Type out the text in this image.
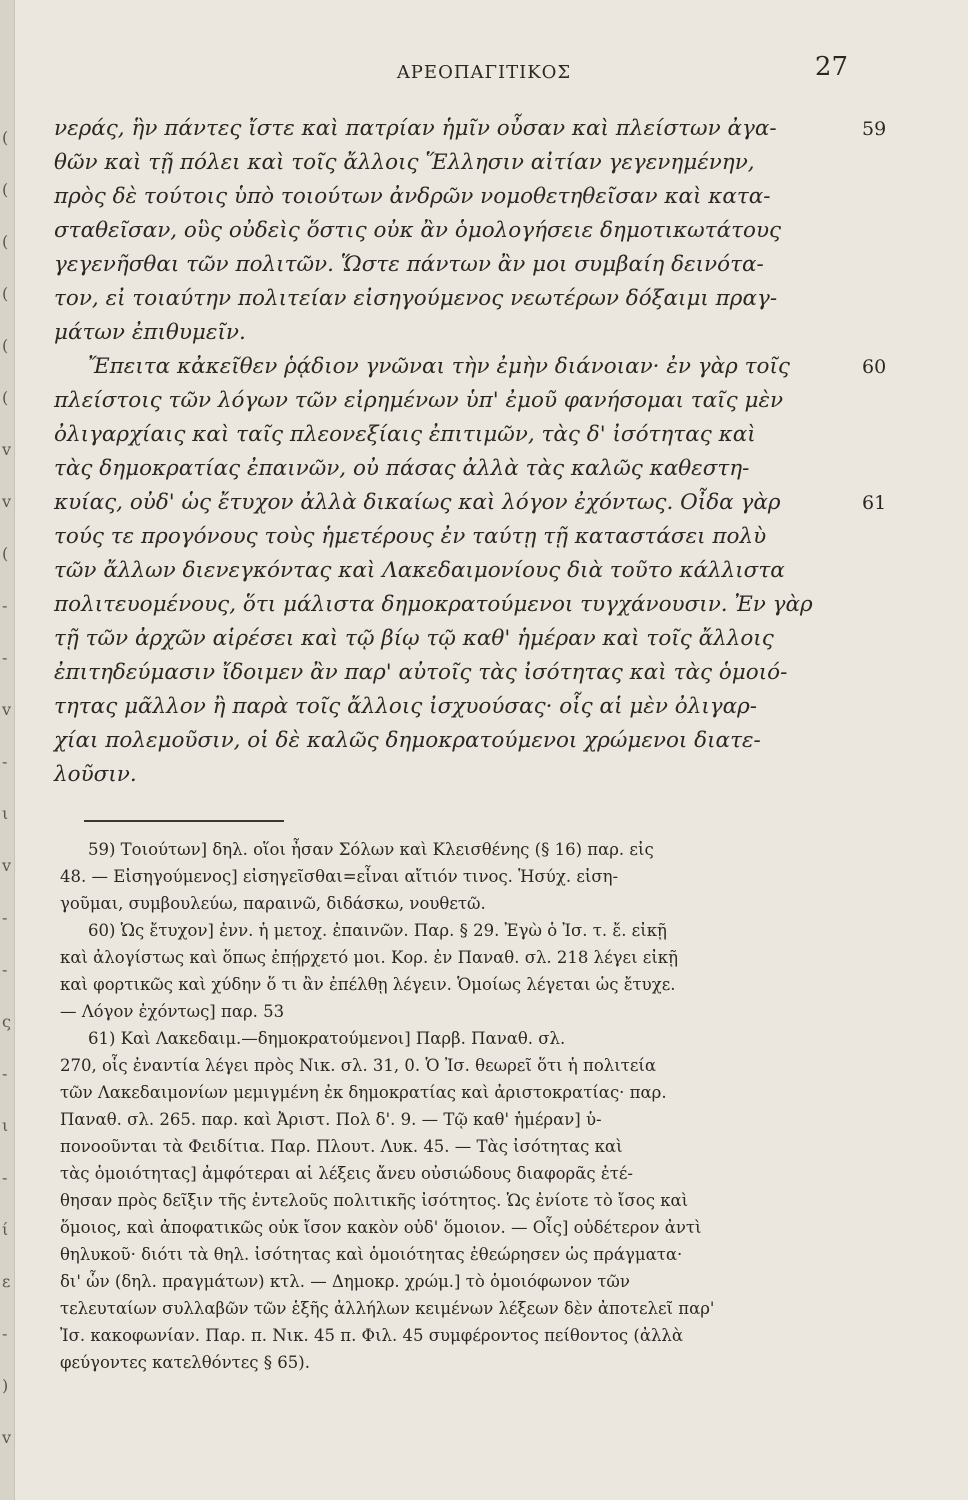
(
(
(
(
(
(
v
v
(
-
-
v
-
ι
v
-
-
ς
-
ι
-
ί
ε
-
)
v
ΑΡΕΟΠΑΓΙΤΙΚΟΣ	27
νεράς, ἣν πάντες ἴστε καὶ πατρίαν ἡμῖν οὖσαν καὶ πλείστων ἀγα-	59
θῶν καὶ τῇ πόλει καὶ τοῖς ἄλλοις Ἕλλησιν αἰτίαν γεγενημένην,
πρὸς δὲ τούτοις ὑπὸ τοιούτων ἀνδρῶν νομοθετηθεῖσαν καὶ κατα-
σταθεῖσαν, οὓς οὐδεὶς ὅστις οὐκ ἂν ὁμολογήσειε δημοτικωτάτους
γεγενῆσθαι τῶν πολιτῶν. Ὥστε πάντων ἂν μοι συμβαίη δεινότα-
τον, εἰ τοιαύτην πολιτείαν εἰσηγούμενος νεωτέρων δόξαιμι πραγ-
μάτων ἐπιθυμεῖν.
Ἔπειτα κἀκεῖθεν ῥᾴδιον γνῶναι τὴν ἐμὴν διάνοιαν· ἐν γὰρ τοῖς	60
πλείστοις τῶν λόγων τῶν εἰρημένων ὑπ' ἐμοῦ φανήσομαι ταῖς μὲν
ὀλιγαρχίαις καὶ ταῖς πλεονεξίαις ἐπιτιμῶν, τὰς δ' ἰσότητας καὶ
τὰς δημοκρατίας ἐπαινῶν, οὐ πάσας ἀλλὰ τὰς καλῶς καθεστη-
κυίας, οὐδ' ὡς ἔτυχον ἀλλὰ δικαίως καὶ λόγον ἐχόντως. Οἶδα γὰρ	61
τούς τε προγόνους τοὺς ἡμετέρους ἐν ταύτῃ τῇ καταστάσει πολὺ
τῶν ἄλλων διενεγκόντας καὶ Λακεδαιμονίους διὰ τοῦτο κάλλιστα
πολιτευομένους, ὅτι μάλιστα δημοκρατούμενοι τυγχάνουσιν. Ἐν γὰρ
τῇ τῶν ἀρχῶν αἱρέσει καὶ τῷ βίῳ τῷ καθ' ἡμέραν καὶ τοῖς ἄλλοις
ἐπιτηδεύμασιν ἴδοιμεν ἂν παρ' αὐτοῖς τὰς ἰσότητας καὶ τὰς ὁμοιό-
τητας μᾶλλον ἢ παρὰ τοῖς ἄλλοις ἰσχυούσας· οἷς αἱ μὲν ὀλιγαρ-
χίαι πολεμοῦσιν, οἱ δὲ καλῶς δημοκρατούμενοι χρώμενοι διατε-
λοῦσιν.
59) Τοιούτων] δηλ. οἵοι ἦσαν Σόλων καὶ Κλεισθένης (§ 16) παρ. εἰς
48. — Εἰσηγούμενος] εἰσηγεῖσθαι=εἶναι αἴτιόν τινος. Ἡσύχ. εἰση-
γοῦμαι, συμβουλεύω, παραινῶ, διδάσκω, νουθετῶ.
60) Ὡς ἔτυχον] ἐνν. ἡ μετοχ. ἐπαινῶν. Παρ. § 29. Ἐγὼ ὁ Ἰσ. τ. ἔ. εἰκῇ
καὶ ἀλογίστως καὶ ὅπως ἐπῄρχετό μοι. Κορ. ἐν Παναθ. σλ. 218 λέγει εἰκῇ
καὶ φορτικῶς καὶ χύδην ὅ τι ἂν ἐπέλθῃ λέγειν. Ὁμοίως λέγεται ὡς ἔτυχε.
— Λόγον ἐχόντως] παρ. 53
61) Καὶ Λακεδαιμ.—δημοκρατούμενοι] Παρβ. Παναθ. σλ.
270, οἷς ἐναντία λέγει πρὸς Νικ. σλ. 31, 0. Ὁ Ἰσ. θεωρεῖ ὅτι ἡ πολιτεία
τῶν Λακεδαιμονίων μεμιγμένη ἐκ δημοκρατίας καὶ ἀριστοκρατίας· παρ.
Παναθ. σλ. 265. παρ. καὶ Ἀριστ. Πολ δ'. 9. — Τῷ καθ' ἡμέραν] ὑ-
πονοοῦνται τὰ Φειδίτια. Παρ. Πλουτ. Λυκ. 45. — Τὰς ἰσότητας καὶ
τὰς ὁμοιότητας] ἀμφότεραι αἱ λέξεις ἄνευ οὐσιώδους διαφορᾶς ἐτέ-
θησαν πρὸς δεῖξιν τῆς ἐντελοῦς πολιτικῆς ἰσότητος. Ὡς ἐνίοτε τὸ ἴσος καὶ
ὅμοιος, καὶ ἀποφατικῶς οὐκ ἴσον κακὸν οὐδ' ὅμοιον. — Οἷς] οὐδέτερον ἀντὶ
θηλυκοῦ· διότι τὰ θηλ. ἰσότητας καὶ ὁμοιότητας ἐθεώρησεν ὡς πράγματα·
δι' ὧν (δηλ. πραγμάτων) κτλ. — Δημοκρ. χρώμ.] τὸ ὁμοιόφωνον τῶν
τελευταίων συλλαβῶν τῶν ἑξῆς ἀλλήλων κειμένων λέξεων δὲν ἀποτελεῖ παρ'
Ἰσ. κακοφωνίαν. Παρ. π. Νικ. 45 π. Φιλ. 45 συμφέροντος πείθοντος (ἀλλὰ
φεύγοντες κατελθόντες § 65).
